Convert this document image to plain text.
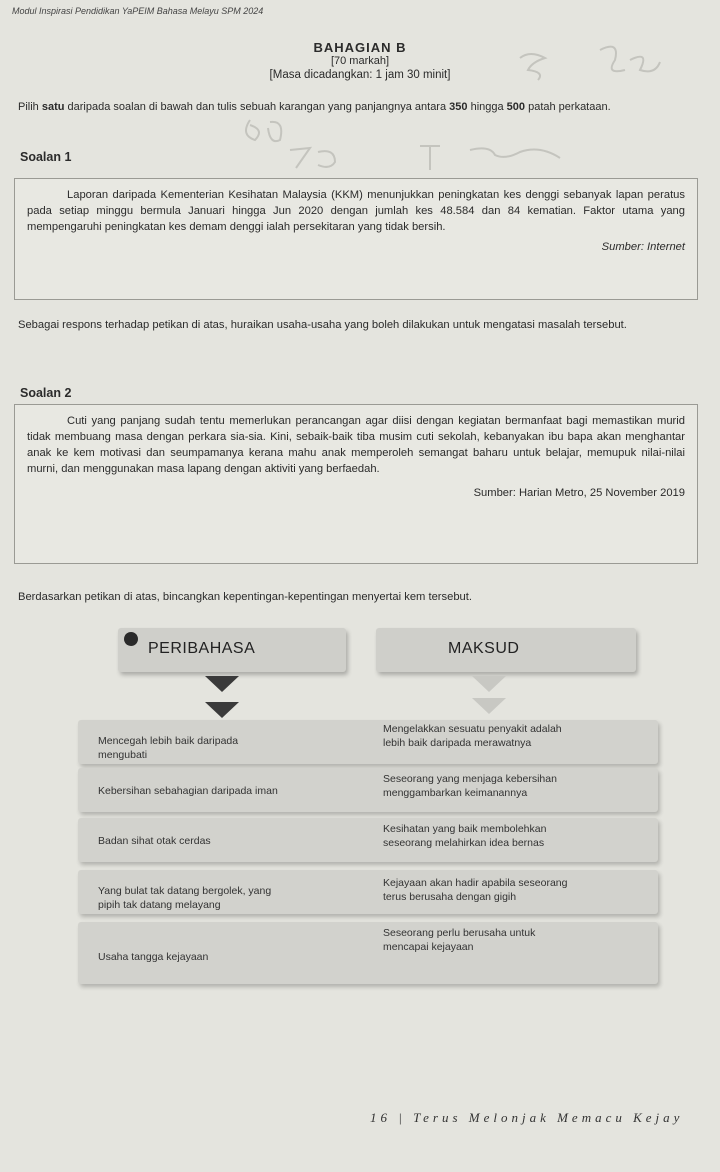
Modul Inspirasi Pendidikan YaPEIM Bahasa Melayu SPM 2024
BAHAGIAN B
[70 markah]
[Masa dicadangkan: 1 jam 30 minit]
Pilih satu daripada soalan di bawah dan tulis sebuah karangan yang panjangnya antara 350 hingga 500 patah perkataan.
Soalan 1
Laporan daripada Kementerian Kesihatan Malaysia (KKM) menunjukkan peningkatan kes denggi sebanyak lapan peratus pada setiap minggu bermula Januari hingga Jun 2020 dengan jumlah kes 48.584 dan 84 kematian. Faktor utama yang mempengaruhi peningkatan kes demam denggi ialah persekitaran yang tidak bersih.
Sumber: Internet
Sebagai respons terhadap petikan di atas, huraikan usaha-usaha yang boleh dilakukan untuk mengatasi masalah tersebut.
Soalan 2
Cuti yang panjang sudah tentu memerlukan perancangan agar diisi dengan kegiatan bermanfaat bagi memastikan murid tidak membuang masa dengan perkara sia-sia. Kini, sebaik-baik tiba musim cuti sekolah, kebanyakan ibu bapa akan menghantar anak ke kem motivasi dan seumpamanya kerana mahu anak memperoleh semangat baharu untuk belajar, memupuk nilai-nilai murni, dan menggunakan masa lapang dengan aktiviti yang berfaedah.
Sumber: Harian Metro, 25 November 2019
Berdasarkan petikan di atas, bincangkan kepentingan-kepentingan menyertai kem tersebut.
PERIBAHASA	MAKSUD
Mencegah lebih baik daripada
mengubati
Mengelakkan sesuatu penyakit adalah
lebih baik daripada merawatnya
Kebersihan sebahagian daripada iman
Seseorang yang menjaga kebersihan
menggambarkan keimanannya
Badan sihat otak cerdas
Kesihatan yang baik membolehkan
seseorang melahirkan idea bernas
Yang bulat tak datang bergolek, yang
pipih tak datang melayang
Kejayaan akan hadir apabila seseorang
terus berusaha dengan gigih
Usaha tangga kejayaan
Seseorang perlu berusaha untuk
mencapai kejayaan
16 | Terus Melonjak Memacu Kejay
